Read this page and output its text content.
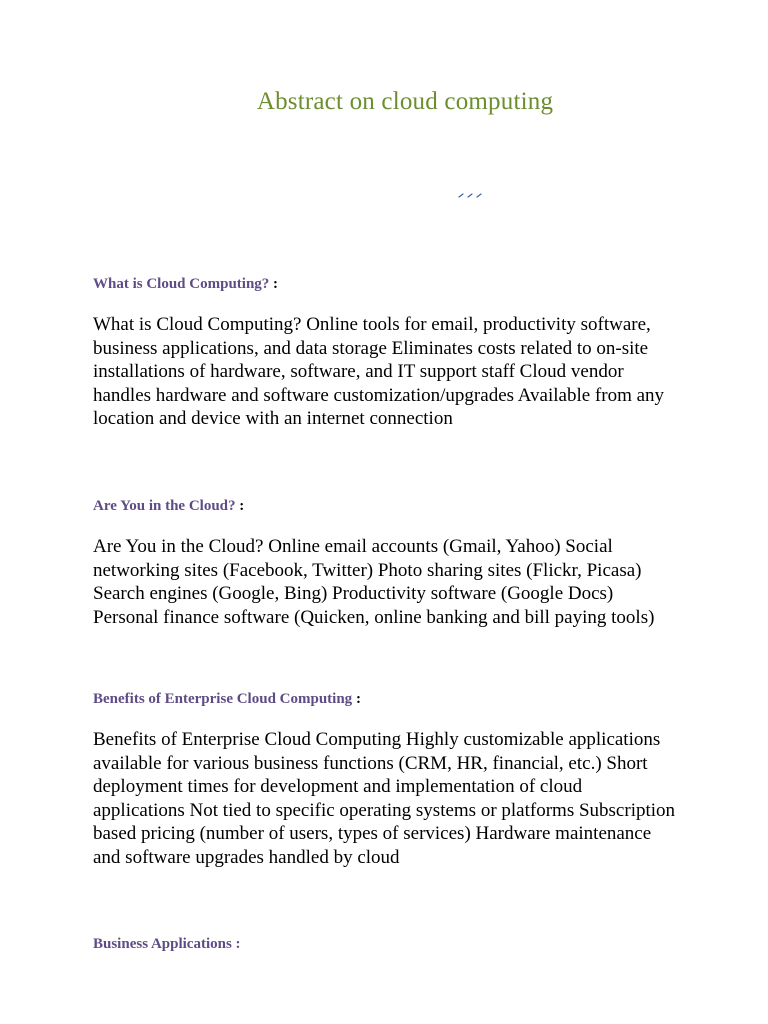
Abstract on cloud computing

What is Cloud Computing? :

What is Cloud Computing? Online tools for email, productivity software, business applications, and data storage Eliminates costs related to on-site installations of hardware, software, and IT support staff Cloud vendor handles hardware and software customization/upgrades Available from any location and device with an internet connection

Are You in the Cloud? :

Are You in the Cloud? Online email accounts (Gmail, Yahoo) Social networking sites (Facebook, Twitter) Photo sharing sites (Flickr, Picasa) Search engines (Google, Bing) Productivity software (Google Docs) Personal finance software (Quicken, online banking and bill paying tools)

Benefits of Enterprise Cloud Computing :

Benefits of Enterprise Cloud Computing Highly customizable applications available for various business functions (CRM, HR, financial, etc.) Short deployment times for development and implementation of cloud applications Not tied to specific operating systems or platforms Subscription based pricing (number of users, types of services) Hardware maintenance and software upgrades handled by cloud

Business Applications :
